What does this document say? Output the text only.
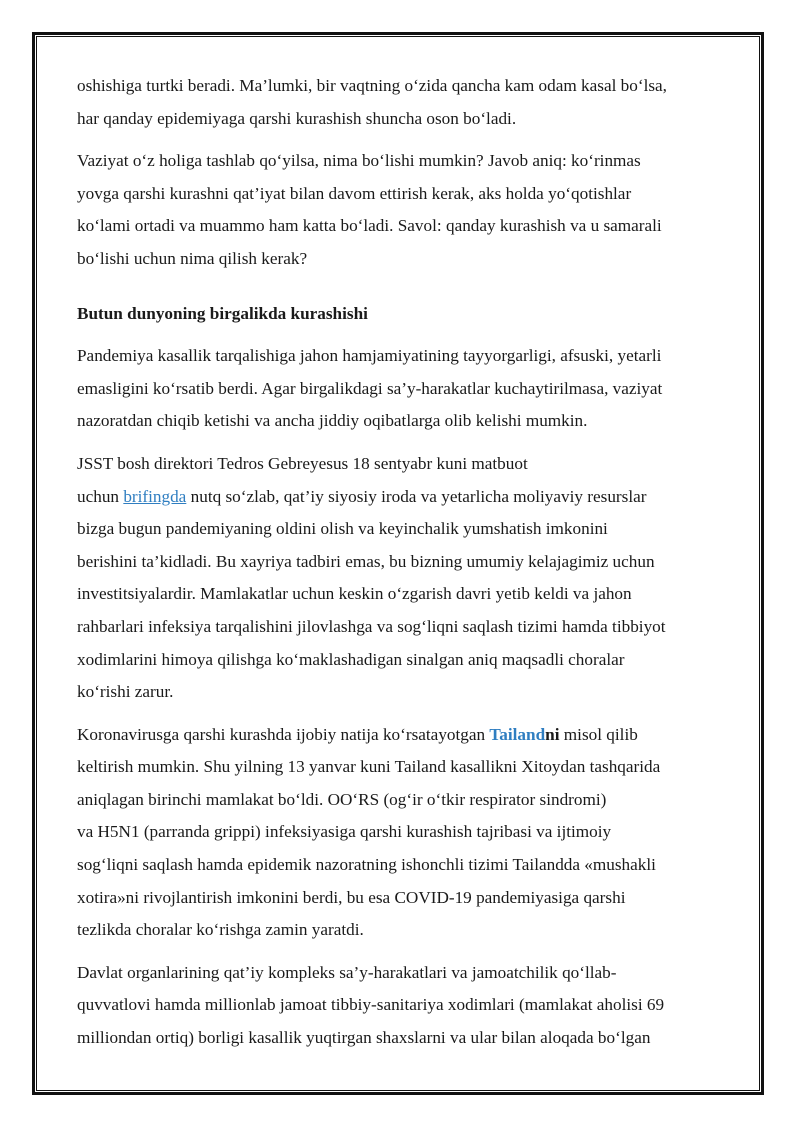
oshishiga turtki beradi. Ma’lumki, bir vaqtning o‘zida qancha kam odam kasal bo‘lsa,
har qanday epidemiyaga qarshi kurashish shuncha oson bo‘ladi.

Vaziyat o‘z holiga tashlab qo‘yilsa, nima bo‘lishi mumkin? Javob aniq: ko‘rinmas
yovga qarshi kurashni qat’iyat bilan davom ettirish kerak, aks holda yo‘qotishlar
ko‘lami ortadi va muammo ham katta bo‘ladi. Savol: qanday kurashish va u samarali
bo‘lishi uchun nima qilish kerak?

Butun dunyoning birgalikda kurashishi

Pandemiya kasallik tarqalishiga jahon hamjamiyatining tayyorgarligi, afsuski, yetarli
emasligini ko‘rsatib berdi. Agar birgalikdagi sa’y-harakatlar kuchaytirilmasa, vaziyat
nazoratdan chiqib ketishi va ancha jiddiy oqibatlarga olib kelishi mumkin.

JSST bosh direktori Tedros Gebreyesus 18 sentyabr kuni matbuot
uchun brifingda nutq so‘zlab, qat’iy siyosiy iroda va yetarlicha moliyaviy resurslar
bizga bugun pandemiyaning oldini olish va keyinchalik yumshatish imkonini
berishini ta’kidladi. Bu xayriya tadbiri emas, bu bizning umumiy kelajagimiz uchun
investitsiyalardir. Mamlakatlar uchun keskin o‘zgarish davri yetib keldi va jahon
rahbarlari infeksiya tarqalishini jilovlashga va sog‘liqni saqlash tizimi hamda tibbiyot
xodimlarini himoya qilishga ko‘maklashadigan sinalgan aniq maqsadli choralar
ko‘rishi zarur.

Koronavirusga qarshi kurashda ijobiy natija ko‘rsatayotgan Tailandni misol qilib
keltirish mumkin. Shu yilning 13 yanvar kuni Tailand kasallikni Xitoydan tashqarida
aniqlagan birinchi mamlakat bo‘ldi. OO‘RS (og‘ir o‘tkir respirator sindromi)
va H5N1 (parranda grippi) infeksiyasiga qarshi kurashish tajribasi va ijtimoiy
sog‘liqni saqlash hamda epidemik nazoratning ishonchli tizimi Tailandda «mushakli
xotira»ni rivojlantirish imkonini berdi, bu esa COVID-19 pandemiyasiga qarshi
tezlikda choralar ko‘rishga zamin yaratdi.

Davlat organlarining qat’iy kompleks sa’y-harakatlari va jamoatchilik qo‘llab-
quvvatlovi hamda millionlab jamoat tibbiy-sanitariya xodimlari (mamlakat aholisi 69
milliondan ortiq) borligi kasallik yuqtirgan shaxslarni va ular bilan aloqada bo‘lgan
